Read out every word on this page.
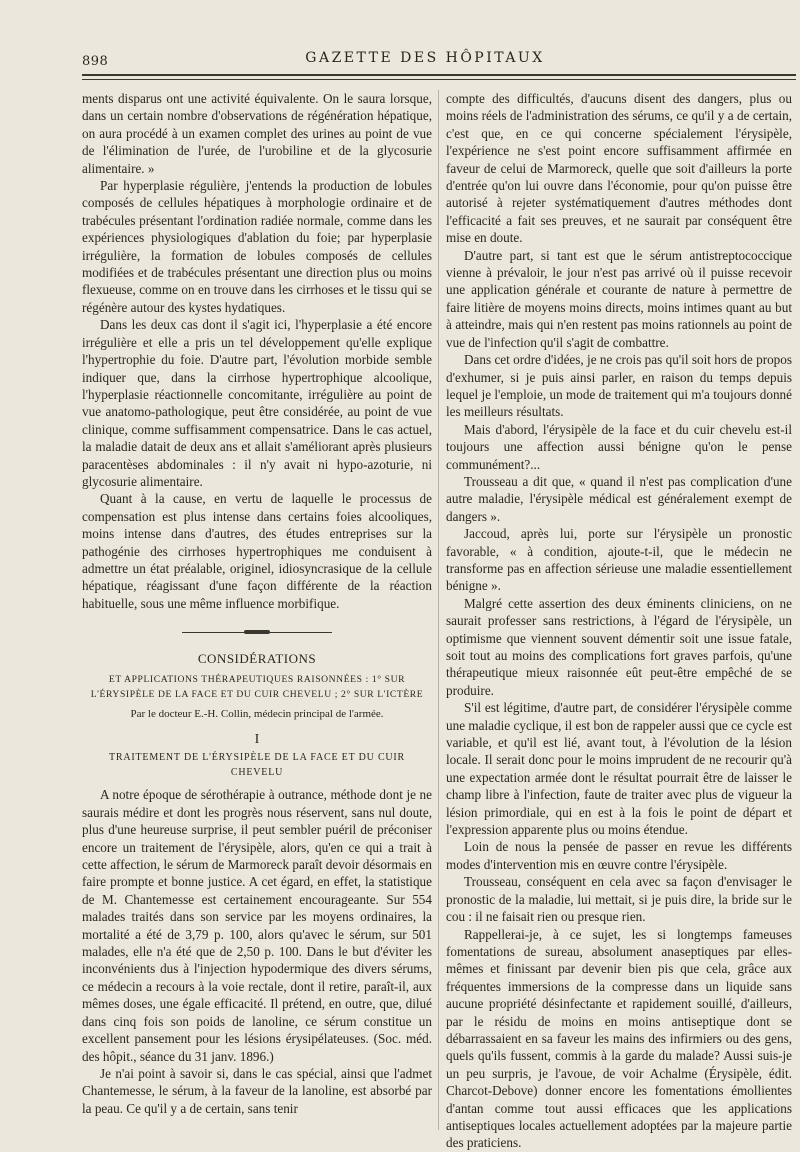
898	GAZETTE DES HÔPITAUX

ments disparus ont une activité équivalente. On le saura lorsque, dans un certain nombre d'observations de régénération hépatique, on aura procédé à un examen complet des urines au point de vue de l'élimination de l'urée, de l'urobiline et de la glycosurie alimentaire. »

Par hyperplasie régulière, j'entends la production de lobules composés de cellules hépatiques à morphologie ordinaire et de trabécules présentant l'ordination radiée normale, comme dans les expériences physiologiques d'ablation du foie; par hyperplasie irrégulière, la formation de lobules composés de cellules modifiées et de trabécules présentant une direction plus ou moins flexueuse, comme on en trouve dans les cirrhoses et le tissu qui se régénère autour des kystes hydatiques.

Dans les deux cas dont il s'agit ici, l'hyperplasie a été encore irrégulière et elle a pris un tel développement qu'elle explique l'hypertrophie du foie. D'autre part, l'évolution morbide semble indiquer que, dans la cirrhose hypertrophique alcoolique, l'hyperplasie réactionnelle concomitante, irrégulière au point de vue anatomo-pathologique, peut être considérée, au point de vue clinique, comme suffisamment compensatrice. Dans le cas actuel, la maladie datait de deux ans et allait s'améliorant après plusieurs paracentèses abdominales : il n'y avait ni hypo-azoturie, ni glycosurie alimentaire.

Quant à la cause, en vertu de laquelle le processus de compensation est plus intense dans certains foies alcooliques, moins intense dans d'autres, des études entreprises sur la pathogénie des cirrhoses hypertrophiques me conduisent à admettre un état préalable, originel, idiosyncrasique de la cellule hépatique, réagissant d'une façon différente de la réaction habituelle, sous une même influence morbifique.

CONSIDÉRATIONS
ET APPLICATIONS THÉRAPEUTIQUES RAISONNÉES : 1° SUR L'ÉRYSIPÈLE DE LA FACE ET DU CUIR CHEVELU ; 2° SUR L'ICTÈRE
Par le docteur E.-H. Collin, médecin principal de l'armée.
I
TRAITEMENT DE L'ÉRYSIPÈLE DE LA FACE ET DU CUIR CHEVELU

A notre époque de sérothérapie à outrance, méthode dont je ne saurais médire et dont les progrès nous réservent, sans nul doute, plus d'une heureuse surprise, il peut sembler puéril de préconiser encore un traitement de l'érysipèle, alors, qu'en ce qui a trait à cette affection, le sérum de Marmoreck paraît devoir désormais en faire prompte et bonne justice. A cet égard, en effet, la statistique de M. Chantemesse est certainement encourageante. Sur 554 malades traités dans son service par les moyens ordinaires, la mortalité a été de 3,79 p. 100, alors qu'avec le sérum, sur 501 malades, elle n'a été que de 2,50 p. 100. Dans le but d'éviter les inconvénients dus à l'injection hypodermique des divers sérums, ce médecin a recours à la voie rectale, dont il retire, paraît-il, aux mêmes doses, une égale efficacité. Il prétend, en outre, que, dilué dans cinq fois son poids de lanoline, ce sérum constitue un excellent pansement pour les lésions érysipélateuses. (Soc. méd. des hôpit., séance du 31 janv. 1896.)

Je n'ai point à savoir si, dans le cas spécial, ainsi que l'admet Chantemesse, le sérum, à la faveur de la lanoline, est absorbé par la peau. Ce qu'il y a de certain, sans tenir

compte des difficultés, d'aucuns disent des dangers, plus ou moins réels de l'administration des sérums, ce qu'il y a de certain, c'est que, en ce qui concerne spécialement l'érysipèle, l'expérience ne s'est point encore suffisamment affirmée en faveur de celui de Marmoreck, quelle que soit d'ailleurs la porte d'entrée qu'on lui ouvre dans l'économie, pour qu'on puisse être autorisé à rejeter systématiquement d'autres méthodes dont l'efficacité a fait ses preuves, et ne saurait par conséquent être mise en doute.

D'autre part, si tant est que le sérum antistreptococcique vienne à prévaloir, le jour n'est pas arrivé où il puisse recevoir une application générale et courante de nature à permettre de faire litière de moyens moins directs, moins intimes quant au but à atteindre, mais qui n'en restent pas moins rationnels au point de vue de l'infection qu'il s'agit de combattre.

Dans cet ordre d'idées, je ne crois pas qu'il soit hors de propos d'exhumer, si je puis ainsi parler, en raison du temps depuis lequel je l'emploie, un mode de traitement qui m'a toujours donné les meilleurs résultats.

Mais d'abord, l'érysipèle de la face et du cuir chevelu est-il toujours une affection aussi bénigne qu'on le pense communément?...

Trousseau a dit que, « quand il n'est pas complication d'une autre maladie, l'érysipèle médical est généralement exempt de dangers ».

Jaccoud, après lui, porte sur l'érysipèle un pronostic favorable, « à condition, ajoute-t-il, que le médecin ne transforme pas en affection sérieuse une maladie essentiellement bénigne ».

Malgré cette assertion des deux éminents cliniciens, on ne saurait professer sans restrictions, à l'égard de l'érysipèle, un optimisme que viennent souvent démentir soit une issue fatale, soit tout au moins des complications fort graves parfois, qu'une thérapeutique mieux raisonnée eût peut-être empêché de se produire.

S'il est légitime, d'autre part, de considérer l'érysipèle comme une maladie cyclique, il est bon de rappeler aussi que ce cycle est variable, et qu'il est lié, avant tout, à l'évolution de la lésion locale. Il serait donc pour le moins imprudent de ne recourir qu'à une expectation armée dont le résultat pourrait être de laisser le champ libre à l'infection, faute de traiter avec plus de vigueur la lésion primordiale, qui en est à la fois le point de départ et l'expression apparente plus ou moins étendue.

Loin de nous la pensée de passer en revue les différents modes d'intervention mis en œuvre contre l'érysipèle.

Trousseau, conséquent en cela avec sa façon d'envisager le pronostic de la maladie, lui mettait, si je puis dire, la bride sur le cou : il ne faisait rien ou presque rien.

Rappellerai-je, à ce sujet, les si longtemps fameuses fomentations de sureau, absolument anaseptiques par elles-mêmes et finissant par devenir bien pis que cela, grâce aux fréquentes immersions de la compresse dans un liquide sans aucune propriété désinfectante et rapidement souillé, d'ailleurs, par le résidu de moins en moins antiseptique dont se débarrassaient en sa faveur les mains des infirmiers ou des gens, quels qu'ils fussent, commis à la garde du malade? Aussi suis-je un peu surpris, je l'avoue, de voir Achalme (Érysipèle, édit. Charcot-Debove) donner encore les fomentations émollientes d'antan comme tout aussi efficaces que les applications antiseptiques locales actuellement adoptées par la majeure partie des praticiens.
